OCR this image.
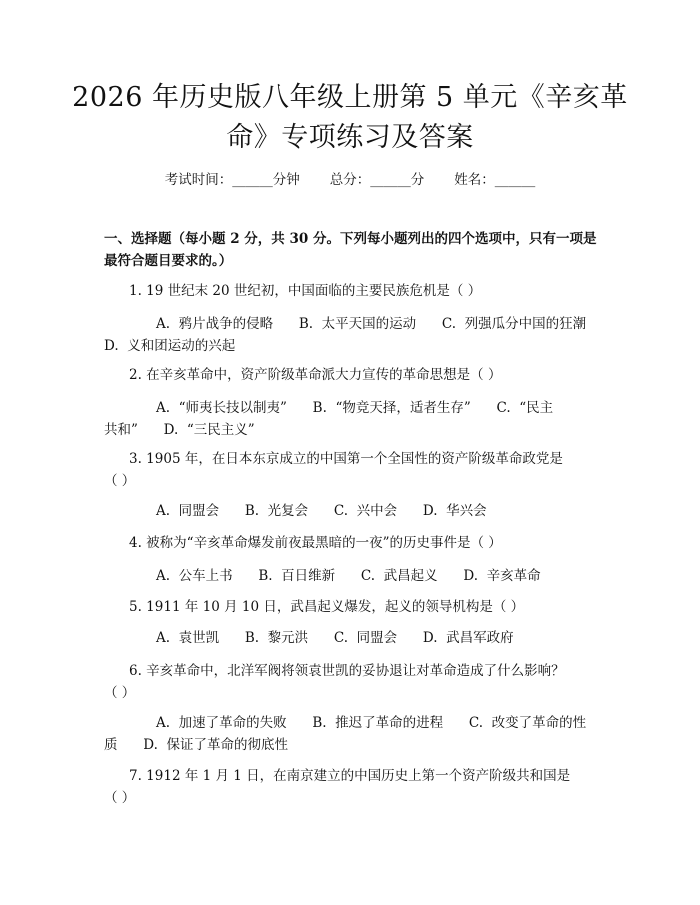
2026 年历史版八年级上册第 5 单元《辛亥革
命》专项练习及答案
考试时间：______分钟 总分：______分 姓名：______
一、选择题（每小题 2 分，共 30 分。下列每小题列出的四个选项中，只有一项是
最符合题目要求的。）
1. 19 世纪末 20 世纪初，中国面临的主要民族危机是（ ）
A.  鸦片战争的侵略      B.  太平天国的运动      C.  列强瓜分中国的狂潮
D.  义和团运动的兴起
2. 在辛亥革命中，资产阶级革命派大力宣传的革命思想是（ ）
A.  “师夷长技以制夷”      B.  “物竞天择，适者生存”      C.  “民主
共和”      D.  “三民主义”
3. 1905 年，在日本东京成立的中国第一个全国性的资产阶级革命政党是
（ ）
A.  同盟会      B.  光复会      C.  兴中会      D.  华兴会
4. 被称为“辛亥革命爆发前夜最黑暗的一夜”的历史事件是（ ）
A.  公车上书      B.  百日维新      C.  武昌起义      D.  辛亥革命
5. 1911 年 10 月 10 日，武昌起义爆发，起义的领导机构是（ ）
A.  袁世凯      B.  黎元洪      C.  同盟会      D.  武昌军政府
6. 辛亥革命中，北洋军阀将领袁世凯的妥协退让对革命造成了什么影响？
（ ）
A.  加速了革命的失败      B.  推迟了革命的进程      C.  改变了革命的性
质      D.  保证了革命的彻底性
7. 1912 年 1 月 1 日，在南京建立的中国历史上第一个资产阶级共和国是
（ ）
